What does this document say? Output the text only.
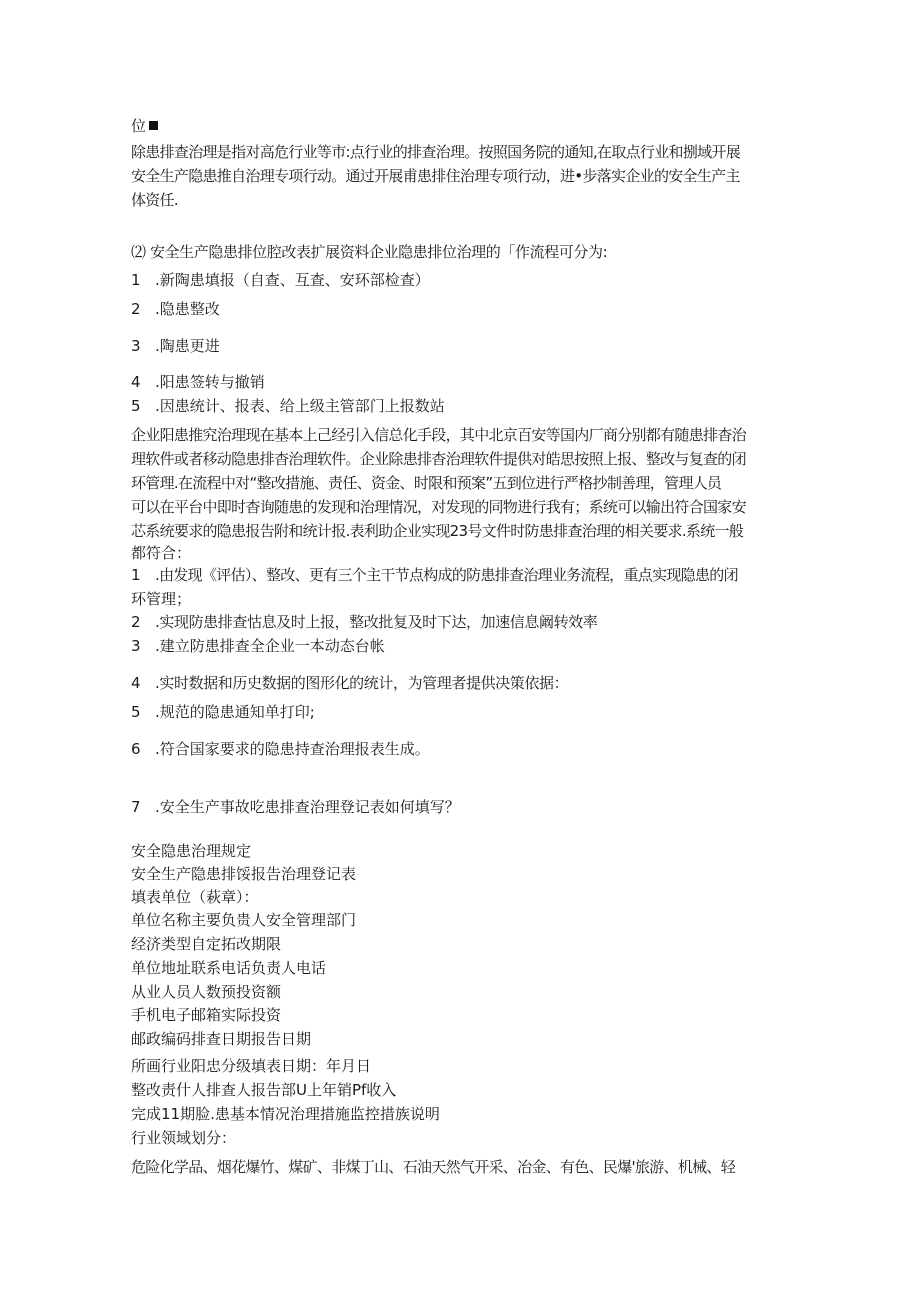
位

除患排查治理是指对高危行业等市:点行业的排查治理。按照国务院的通知,在取点行业和捌域开展

安全生产隐患推自治理专项行动。通过开展甫患排住治理专项行动，进•步落实企业的安全生产主

体资任.

⑵ 安全生产隐患排位腔改表扩展资料企业隐患排位治理的「作流程可分为:

1 .新陶患填报（自查、互查、安环部检查）

2 .隐患整改

3 .陶患更进

4 .阳患签转与撤销

5 .因患统计、报表、给上级主管部门上报数站

企业阳患推究治理现在基本上己经引入信总化手段，其中北京百安等国内厂商分别都有随患排杳治

理软件或者移动隐患排杳治理软件。企业除患排杳治理软件提供对皓思按照上报、整改与复查的闭

环管理.在流程中对“整改措施、责任、资金、时限和预案”五到位进行严格抄制善理，管理人员

可以在平台中即时杳询随患的发现和治理情况，对发现的同物进行我有；系统可以输出符合国家安

芯系统要求的隐患报告附和统计报.表利助企业实现23号文件时防患排查治理的相关要求.系统一般

都符合：

1 .由发现《评估）、整改、更有三个主干节点构成的防患排查治理业务流程，重点实现隐患的闭

环管理；

2 .实现防患排查怙息及时上报，整改批复及时下达，加速信息阚转效率

3 .建立防患排查全企业一本动态台帐

4 .实时数据和历史数据的图形化的统计，为管理者提供决策依据：

5 .规范的隐患通知单打印;

6 .符合国家要求的隐患持查治理报表生成。

7 .安全生产事故吃患排查治理登记表如何填写？

安全隐患治理规定

安全生产隐患排馁报告治理登记表

填表单位（萩章）：

单位名称主要负贵人安全管理部门

经济类型自定拓改期限

单位地址联系电话负责人电话

从业人员人数预投资额

手机电子邮箱实际投资

邮政编码排查日期报告日期

所画行业阳忠分级填表日期：年月日

整改责什人排查人报告部U上年销Pf收入

完成11期脸.患基本情况治理措施监控措族说明

行业领域划分：

危险化学品、烟花爆竹、煤矿、非煤丁山、石油天然气开采、冶金、有色、民爆'旅游、机械、轻
